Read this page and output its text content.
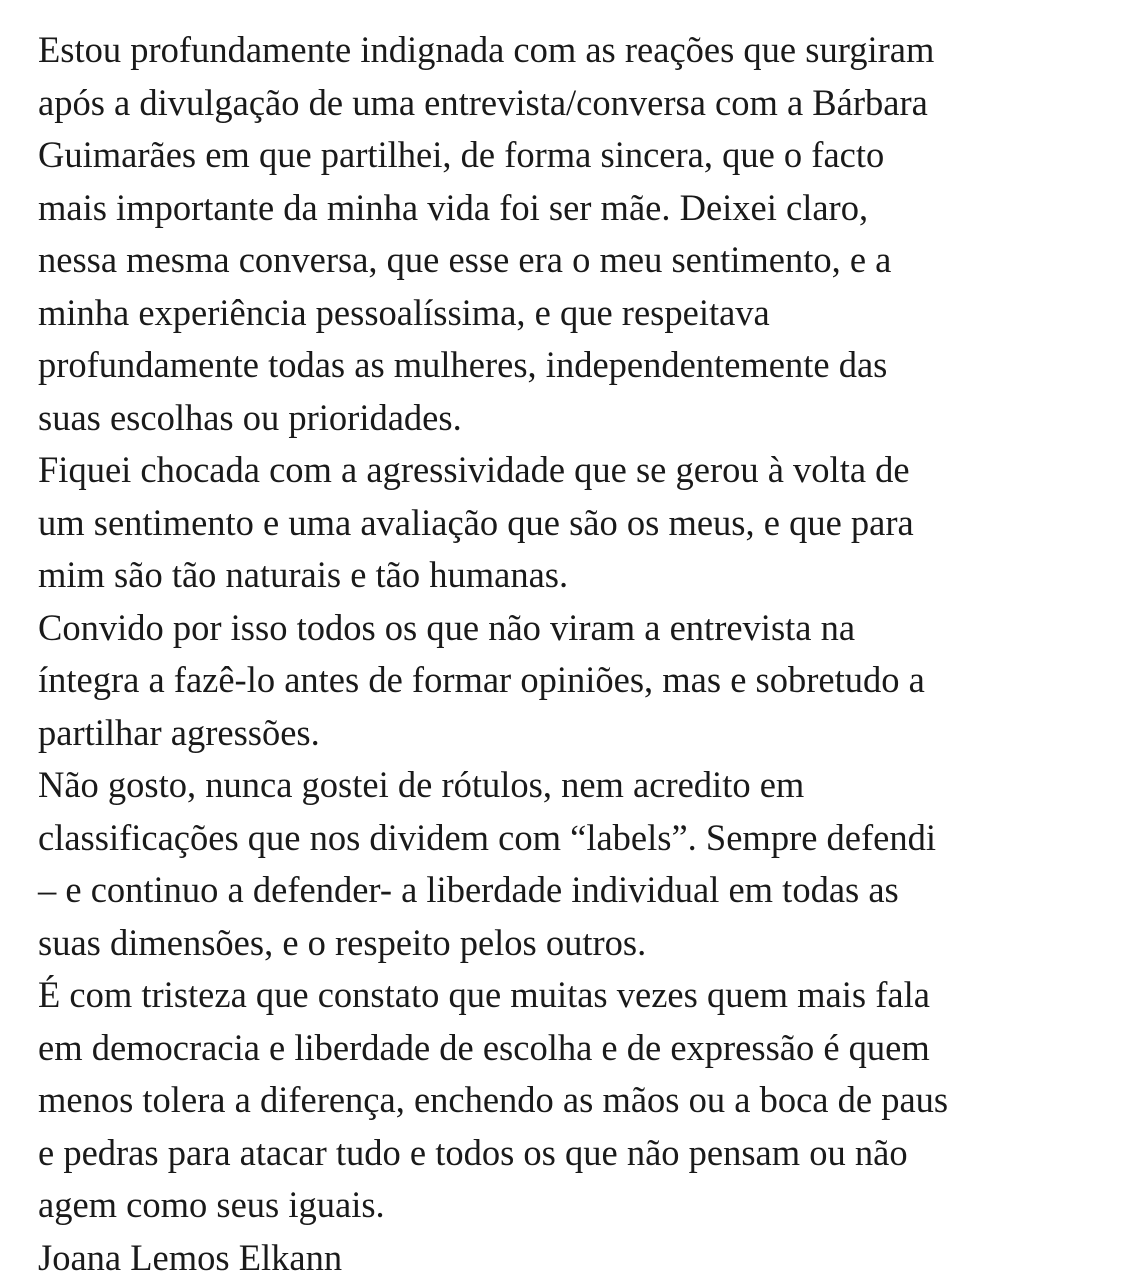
Estou profundamente indignada com as reações que surgiram
após a divulgação de uma entrevista/conversa com a Bárbara
Guimarães em que partilhei, de forma sincera, que o facto
mais importante da minha vida foi ser mãe. Deixei claro,
nessa mesma conversa, que esse era o meu sentimento, e a
minha experiência pessoalíssima, e que respeitava
profundamente todas as mulheres, independentemente das
suas escolhas ou prioridades.
Fiquei chocada com a agressividade que se gerou à volta de
um sentimento e uma avaliação que são os meus, e que para
mim são tão naturais e tão humanas.
Convido por isso todos os que não viram a entrevista na
íntegra a fazê-lo antes de formar opiniões, mas e sobretudo a
partilhar agressões.
Não gosto, nunca gostei de rótulos, nem acredito em
classificações que nos dividem com “labels”. Sempre defendi
– e continuo a defender- a liberdade individual em todas as
suas dimensões, e o respeito pelos outros.
É com tristeza que constato que muitas vezes quem mais fala
em democracia e liberdade de escolha e de expressão é quem
menos tolera a diferença, enchendo as mãos ou a boca de paus
e pedras para atacar tudo e todos os que não pensam ou não
agem como seus iguais.
Joana Lemos Elkann
